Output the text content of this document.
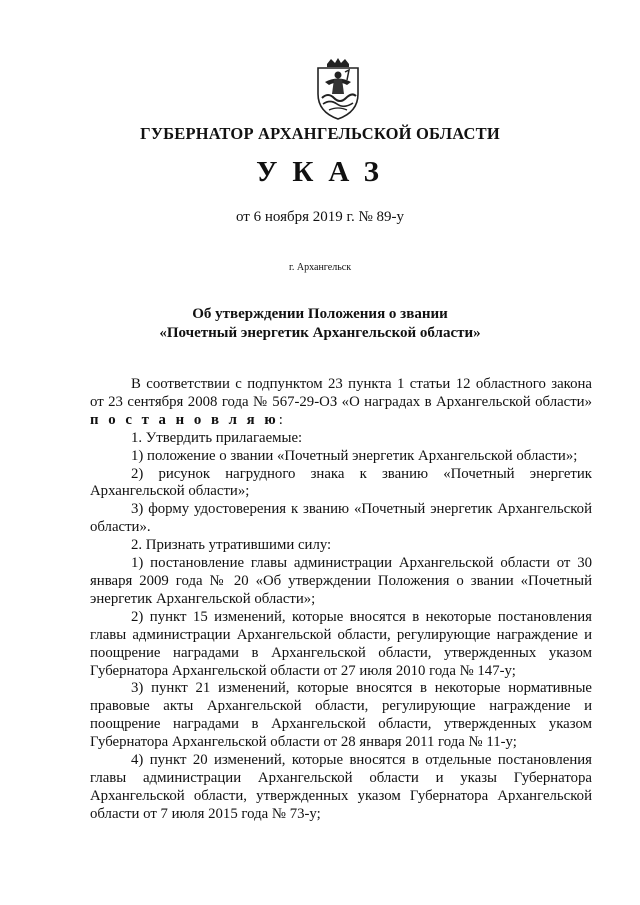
ГУБЕРНАТОР АРХАНГЕЛЬСКОЙ ОБЛАСТИ
УКАЗ
от 6 ноября 2019 г. № 89-у
г. Архангельск
Об утверждении Положения о звании
«Почетный энергетик Архангельской области»

В соответствии с подпунктом 23 пункта 1 статьи 12 областного закона от 23 сентября 2008 года № 567-29-ОЗ «О наградах в Архангельской области» п о с т а н о в л я ю:

1. Утвердить прилагаемые:

1) положение о звании «Почетный энергетик Архангельской области»;

2) рисунок нагрудного знака к званию «Почетный энергетик Архангельской области»;

3) форму удостоверения к званию «Почетный энергетик Архангельской области».

2. Признать утратившими силу:

1) постановление главы администрации Архангельской области от 30 января 2009 года № 20 «Об утверждении Положения о звании «Почетный энергетик Архангельской области»;

2) пункт 15 изменений, которые вносятся в некоторые постановления главы администрации Архангельской области, регулирующие награждение и поощрение наградами в Архангельской области, утвержденных указом Губернатора Архангельской области от 27 июля 2010 года № 147-у;

3) пункт 21 изменений, которые вносятся в некоторые нормативные правовые акты Архангельской области, регулирующие награждение и поощрение наградами в Архангельской области, утвержденных указом Губернатора Архангельской области от 28 января 2011 года № 11-у;

4) пункт 20 изменений, которые вносятся в отдельные постановления главы администрации Архангельской области и указы Губернатора Архангельской области, утвержденных указом Губернатора Архангельской области от 7 июля 2015 года № 73-у;
